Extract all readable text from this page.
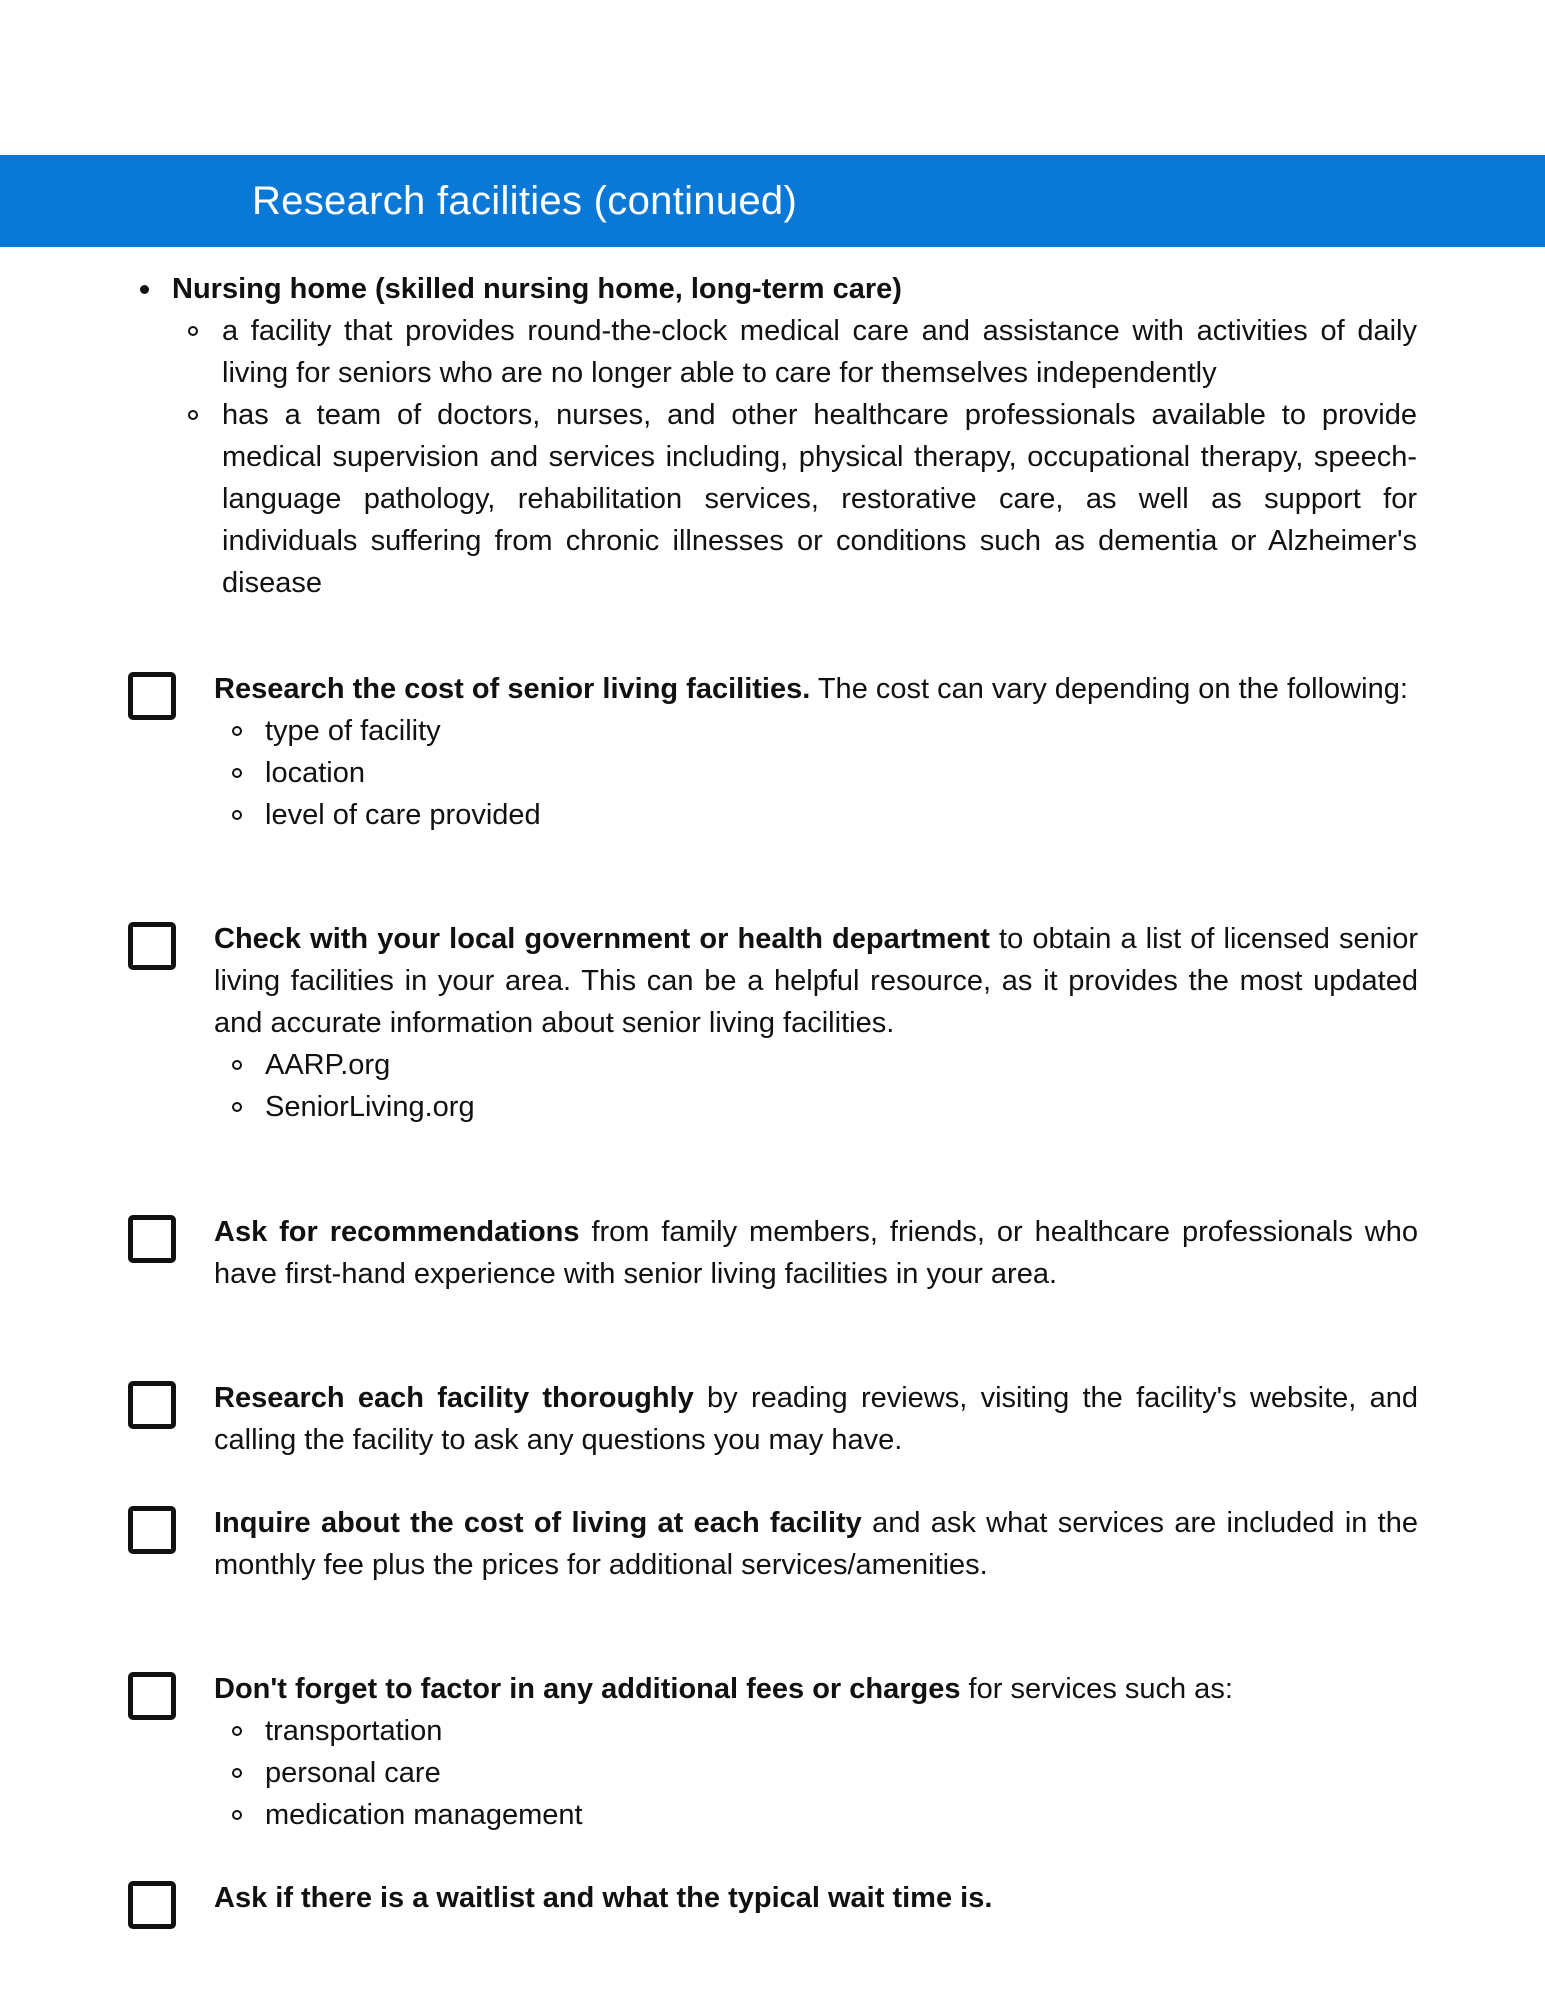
Research facilities (continued)
Nursing home (skilled nursing home, long-term care)
a facility that provides round-the-clock medical care and assistance with activities of daily living for seniors who are no longer able to care for themselves independently
has a team of doctors, nurses, and other healthcare professionals available to provide medical supervision and services including, physical therapy, occupational therapy, speech-language pathology, rehabilitation services, restorative care, as well as support for individuals suffering from chronic illnesses or conditions such as dementia or Alzheimer's disease
Research the cost of senior living facilities. The cost can vary depending on the following:
type of facility
location
level of care provided
Check with your local government or health department to obtain a list of licensed senior living facilities in your area. This can be a helpful resource, as it provides the most updated and accurate information about senior living facilities.
AARP.org
SeniorLiving.org
Ask for recommendations from family members, friends, or healthcare professionals who have first-hand experience with senior living facilities in your area.
Research each facility thoroughly by reading reviews, visiting the facility's website, and calling the facility to ask any questions you may have.
Inquire about the cost of living at each facility and ask what services are included in the monthly fee plus the prices for additional services/amenities.
Don't forget to factor in any additional fees or charges for services such as:
transportation
personal care
medication management
Ask if there is a waitlist and what the typical wait time is.
